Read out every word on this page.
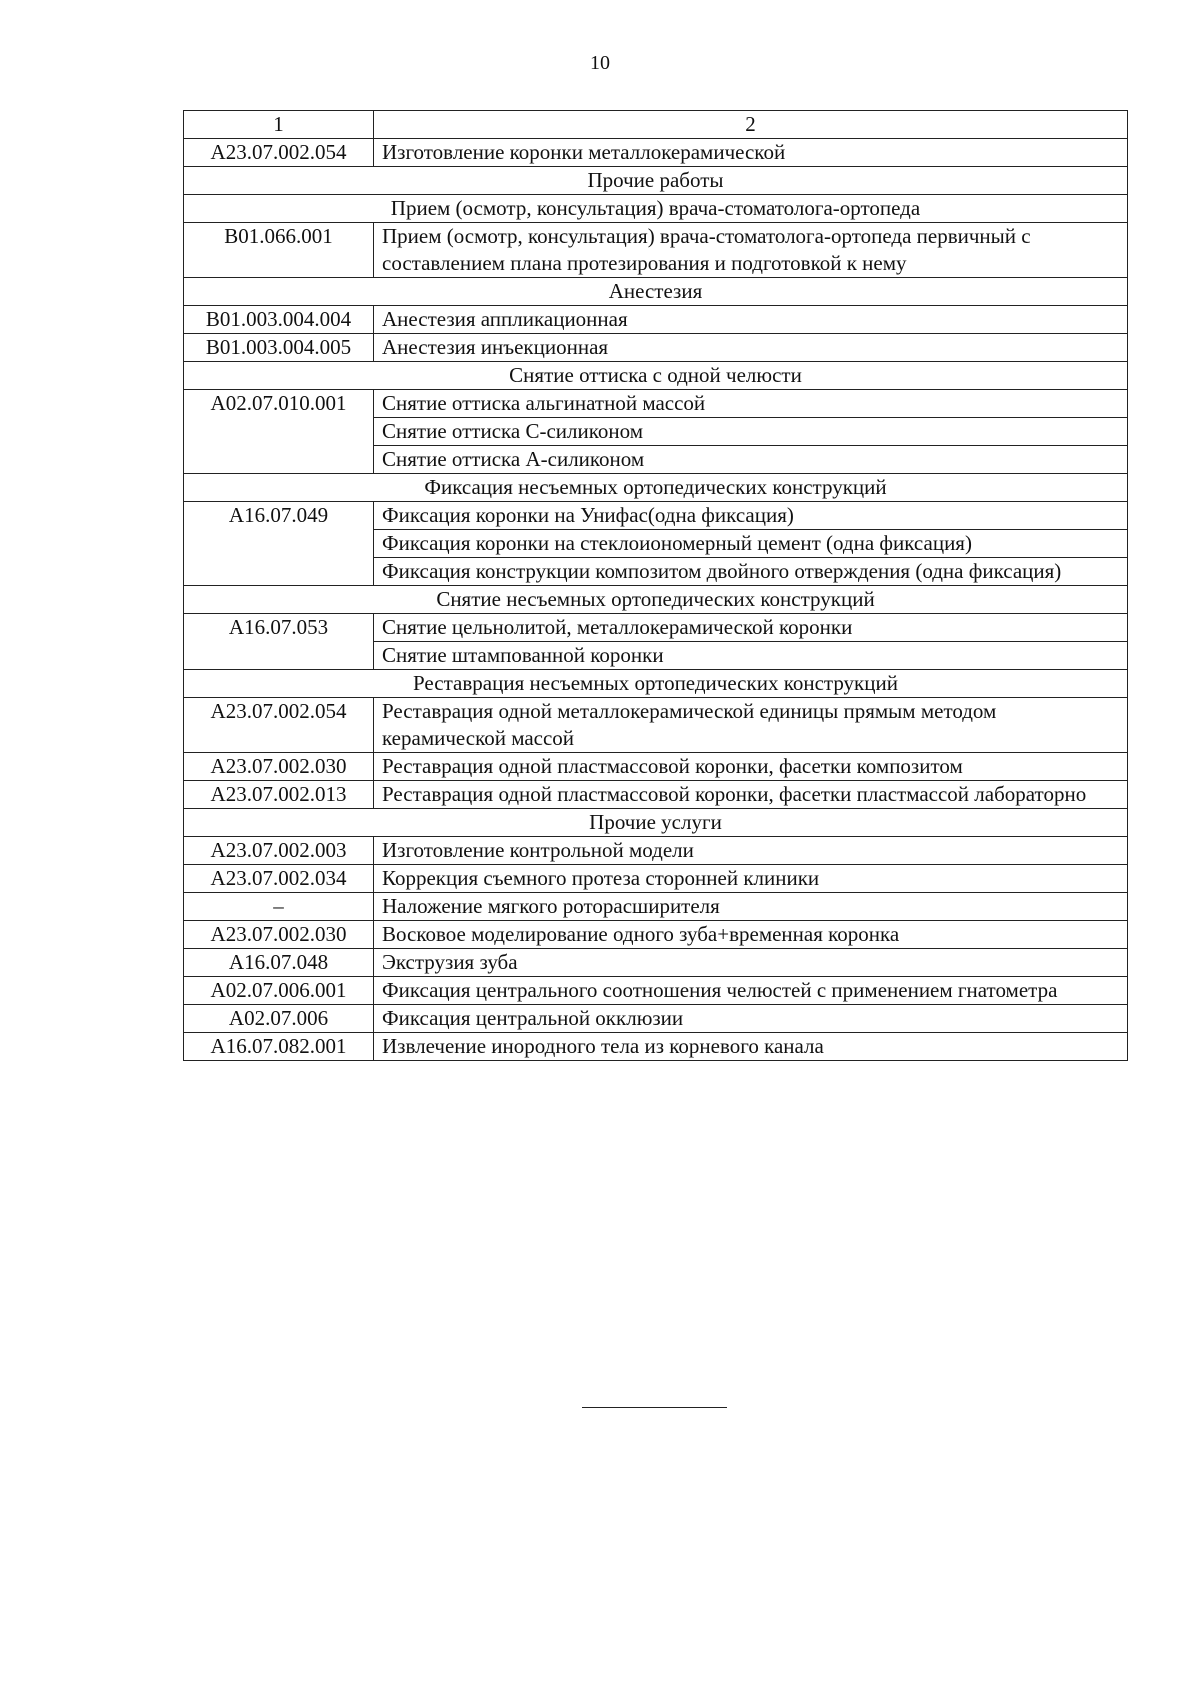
10
1	2
A23.07.002.054	Изготовление коронки металлокерамической
Прочие работы	
Прием (осмотр, консультация) врача-стоматолога-ортопеда	
B01.066.001	Прием (осмотр, консультация) врача-стоматолога-ортопеда первичный с составлением плана протезирования и подготовкой к нему
Анестезия	
B01.003.004.004	Анестезия аппликационная
B01.003.004.005	Анестезия инъекционная
Снятие оттиска с одной челюсти	
A02.07.010.001	Снятие оттиска альгинатной массой
	Снятие оттиска С-силиконом
	Снятие оттиска А-силиконом
Фиксация несъемных ортопедических конструкций	
A16.07.049	Фиксация коронки на Унифас(одна фиксация)
	Фиксация коронки на стеклоиономерный цемент (одна фиксация)
	Фиксация конструкции композитом двойного отверждения (одна фиксация)
Снятие несъемных ортопедических конструкций	
A16.07.053	Снятие цельнолитой, металлокерамической коронки
	Снятие штампованной коронки
Реставрация несъемных ортопедических конструкций	
A23.07.002.054	Реставрация одной металлокерамической единицы прямым методом керамической массой
A23.07.002.030	Реставрация одной пластмассовой коронки, фасетки композитом
A23.07.002.013	Реставрация одной пластмассовой коронки, фасетки пластмассой лабораторно
Прочие услуги	
A23.07.002.003	Изготовление контрольной модели
A23.07.002.034	Коррекция съемного протеза сторонней клиники
–	Наложение мягкого роторасширителя
A23.07.002.030	Восковое моделирование одного зуба+временная коронка
A16.07.048	Экструзия зуба
A02.07.006.001	Фиксация центрального соотношения челюстей с применением гнатометра
A02.07.006	Фиксация центральной окклюзии
A16.07.082.001	Извлечение инородного тела из корневого канала
